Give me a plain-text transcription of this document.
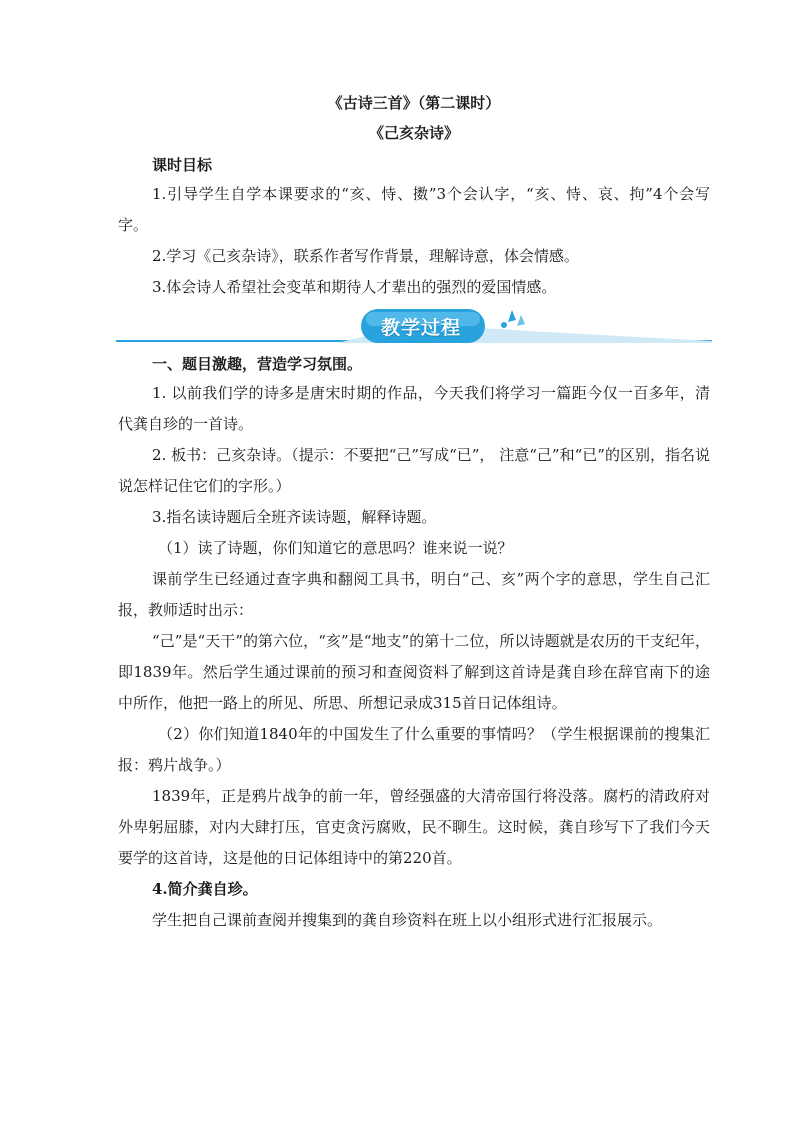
《古诗三首》（第二课时）
《己亥杂诗》
课时目标

1.引导学生自学本课要求的“亥、恃、擞”3个会认字，“亥、恃、哀、拘”4个会写字。

2.学习《己亥杂诗》，联系作者写作背景，理解诗意，体会情感。

3.体会诗人希望社会变革和期待人才辈出的强烈的爱国情感。

教学过程
一、题目激趣，营造学习氛围。

1. 以前我们学的诗多是唐宋时期的作品，今天我们将学习一篇距今仅一百多年，清代龚自珍的一首诗。

2. 板书：己亥杂诗。（提示：不要把“己”写成“已”， 注意“己”和“已”的区别，指名说说怎样记住它们的字形。）

3.指名读诗题后全班齐读诗题，解释诗题。

（1）读了诗题，你们知道它的意思吗？谁来说一说？

课前学生已经通过查字典和翻阅工具书，明白“己、亥”两个字的意思，学生自己汇报，教师适时出示：

“己”是“天干”的第六位，“亥”是“地支”的第十二位，所以诗题就是农历的干支纪年，即1839年。然后学生通过课前的预习和查阅资料了解到这首诗是龚自珍在辞官南下的途中所作，他把一路上的所见、所思、所想记录成315首日记体组诗。

（2）你们知道1840年的中国发生了什么重要的事情吗？（学生根据课前的搜集汇报：鸦片战争。）

1839年，正是鸦片战争的前一年，曾经强盛的大清帝国行将没落。腐朽的清政府对外卑躬屈膝，对内大肆打压，官吏贪污腐败，民不聊生。这时候，龚自珍写下了我们今天要学的这首诗，这是他的日记体组诗中的第220首。

4.简介龚自珍。

学生把自己课前查阅并搜集到的龚自珍资料在班上以小组形式进行汇报展示。
